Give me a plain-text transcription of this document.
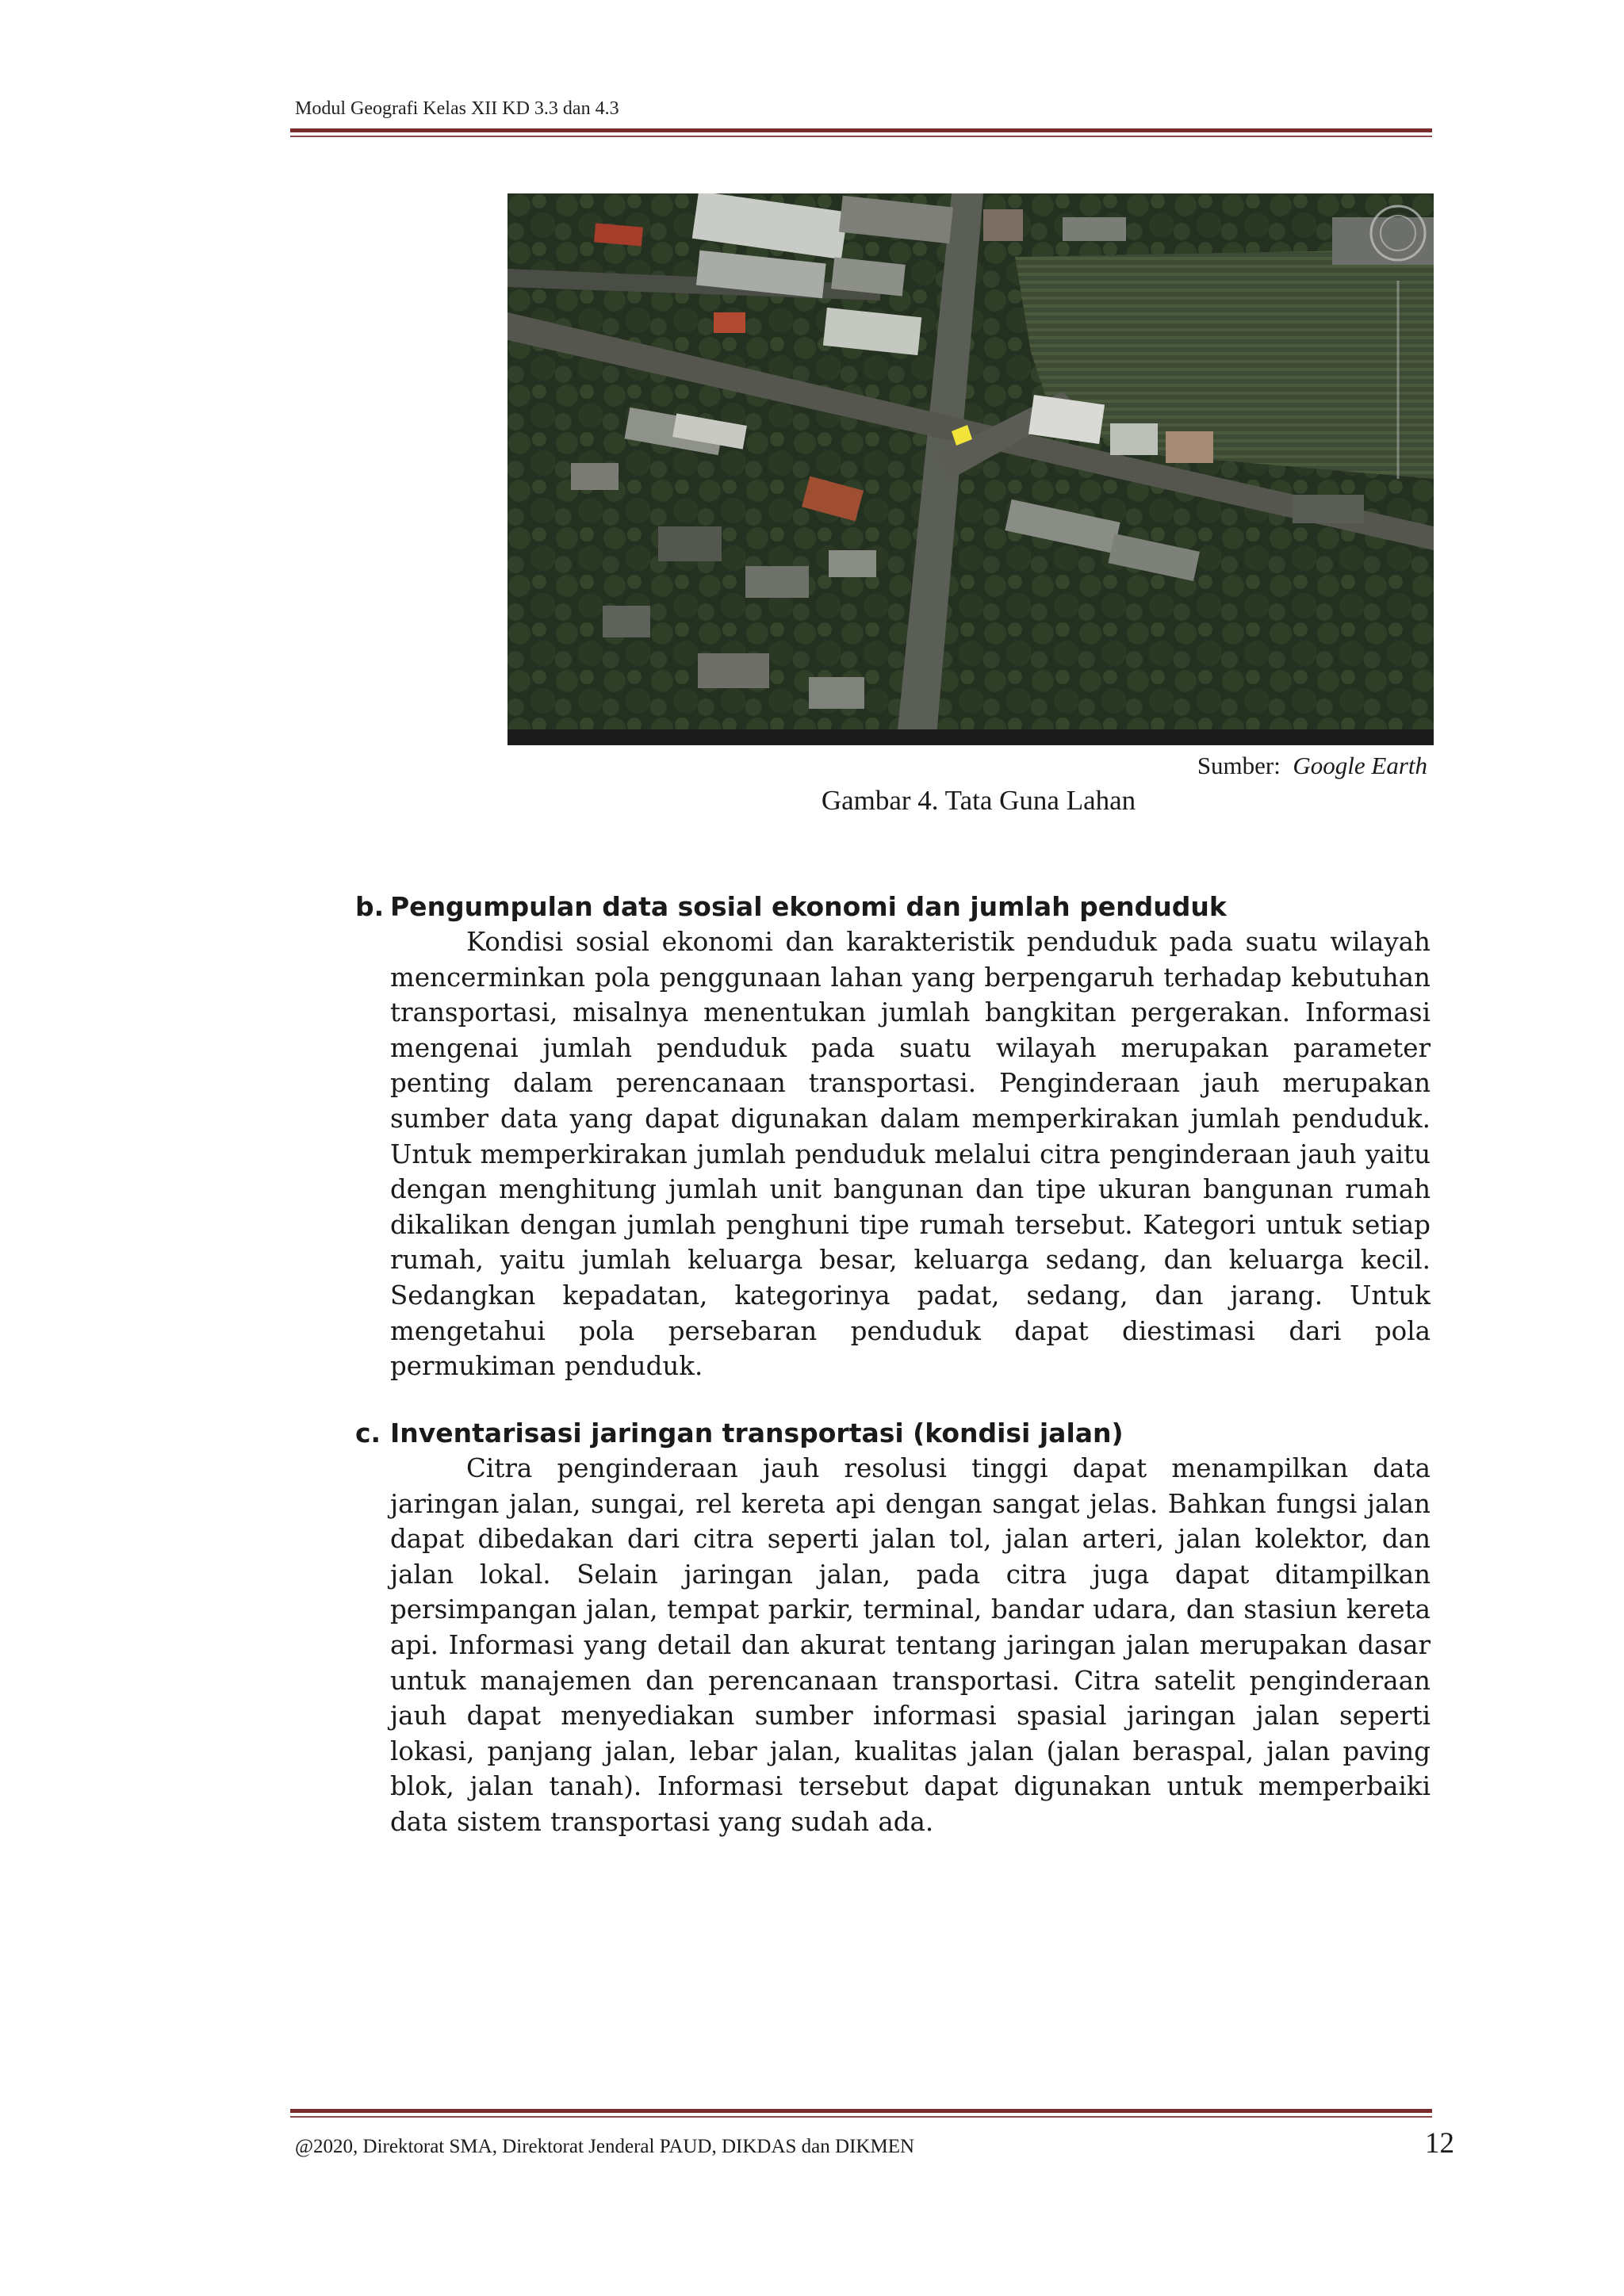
Modul Geografi Kelas XII KD 3.3 dan 4.3
Sumber: Google Earth
Gambar 4. Tata Guna Lahan
b. Pengumpulan data sosial ekonomi dan jumlah penduduk

Kondisi sosial ekonomi dan karakteristik penduduk pada suatu wilayah mencerminkan pola penggunaan lahan yang berpengaruh terhadap kebutuhan transportasi, misalnya menentukan jumlah bangkitan pergerakan. Informasi mengenai jumlah penduduk pada suatu wilayah merupakan parameter penting dalam perencanaan transportasi. Penginderaan jauh merupakan sumber data yang dapat digunakan dalam memperkirakan jumlah penduduk. Untuk memperkirakan jumlah penduduk melalui citra penginderaan jauh yaitu dengan menghitung jumlah unit bangunan dan tipe ukuran bangunan rumah dikalikan dengan jumlah penghuni tipe rumah tersebut. Kategori untuk setiap rumah, yaitu jumlah keluarga besar, keluarga sedang, dan keluarga kecil. Sedangkan kepadatan, kategorinya padat, sedang, dan jarang. Untuk mengetahui pola persebaran penduduk dapat diestimasi dari pola permukiman penduduk.

c. Inventarisasi jaringan transportasi (kondisi jalan)

Citra penginderaan jauh resolusi tinggi dapat menampilkan data jaringan jalan, sungai, rel kereta api dengan sangat jelas. Bahkan fungsi jalan dapat dibedakan dari citra seperti jalan tol, jalan arteri, jalan kolektor, dan jalan lokal. Selain jaringan jalan, pada citra juga dapat ditampilkan persimpangan jalan, tempat parkir, terminal, bandar udara, dan stasiun kereta api. Informasi yang detail dan akurat tentang jaringan jalan merupakan dasar untuk manajemen dan perencanaan transportasi. Citra satelit penginderaan jauh dapat menyediakan sumber informasi spasial jaringan jalan seperti lokasi, panjang jalan, lebar jalan, kualitas jalan (jalan beraspal, jalan paving blok, jalan tanah). Informasi tersebut dapat digunakan untuk memperbaiki data sistem transportasi yang sudah ada.

@2020, Direktorat SMA, Direktorat Jenderal PAUD, DIKDAS dan DIKMEN	12
